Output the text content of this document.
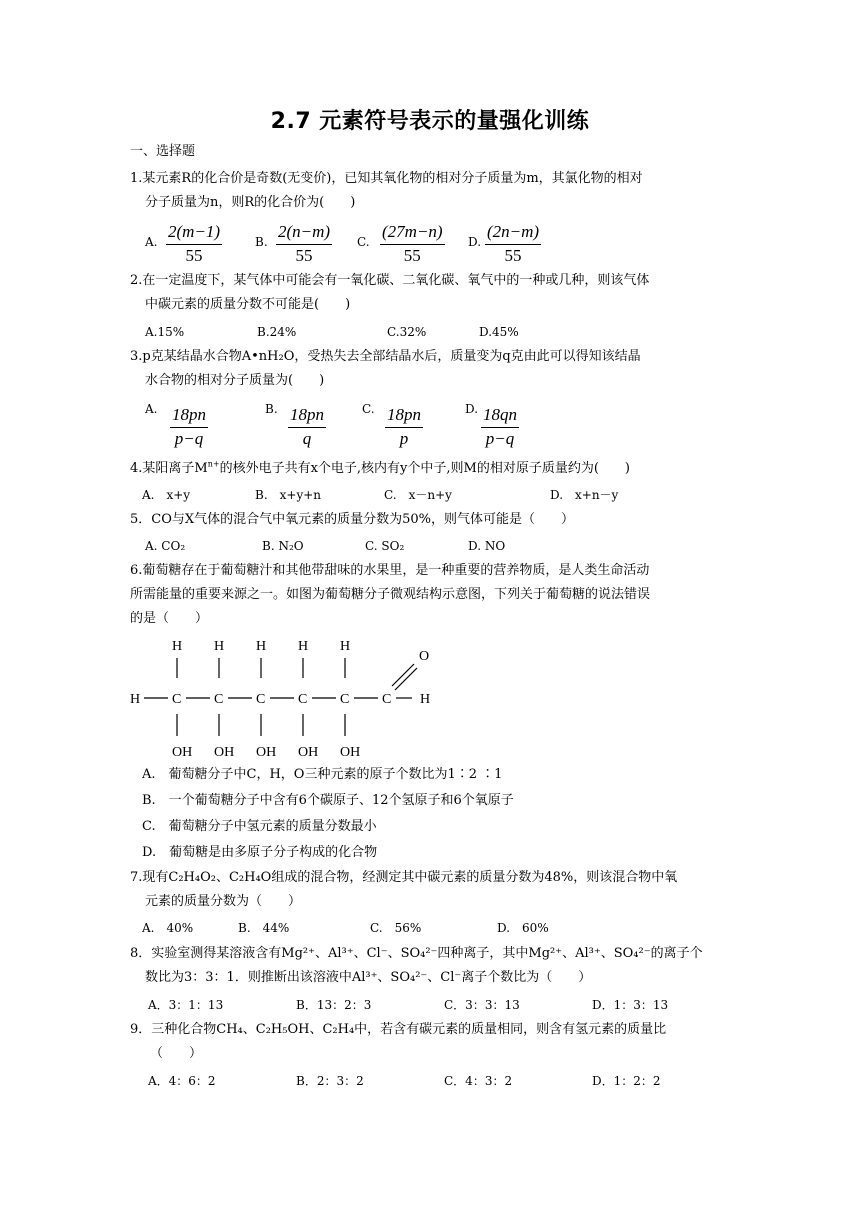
2.7 元素符号表示的量强化训练
一、选择题
1.某元素R的化合价是奇数(无变价)，已知其氧化物的相对分子质量为m，其氯化物的相对
分子质量为n，则R的化合价为(　　)
A. $\frac{2(m-1)}{55}$	B. $\frac{2(n-m)}{55} C$. $\frac{(27m-n)}{55} D$. $\frac{(2n-m)}{55}$
2.在一定温度下，某气体中可能会有一氧化碳、二氧化碳、氧气中的一种或几种，则该气体
中碳元素的质量分数不可能是(　　)
A.15%	B.24%	C.32%	D.45%
3.p克某结晶水合物A•nH₂O，受热失去全部结晶水后，质量变为q克由此可以得知该结晶
水合物的相对分子质量为(　　)
A. $\frac{18pn}{p-q}$	B. $\frac{18pn}{q}$	C. $\frac{18pn}{p}$	D. $\frac{18qn}{p-q}$
4.某阳离子$M^{n+}$的核外电子共有x个电子,核内有y个中子,则M的相对原子质量约为(　　)
A.　x+y	B.　x+y+n	C.　x－n+y	D.　x+n－y
5．CO与X气体的混合气中氧元素的质量分数为50%，则气体可能是（　　）
A. CO₂	B. N₂O	C. SO₂	D. NO
6.葡萄糖存在于葡萄糖汁和其他带甜味的水果里，是一种重要的营养物质，是人类生命活动
所需能量的重要来源之一。如图为葡萄糖分子微观结构示意图，下列关于葡萄糖的说法错误
的是（　　）
H H H H H
H C C C C C C H
O
OH OH OH OH OH
A.　葡萄糖分子中C，H，O三种元素的原子个数比为1∶2 ∶1
B.　一个葡萄糖分子中含有6个碳原子、12个氢原子和6个氧原子
C.　葡萄糖分子中氢元素的质量分数最小
D.　葡萄糖是由多原子分子构成的化合物
7.现有C₂H₄O₂、C₂H₄O组成的混合物，经测定其中碳元素的质量分数为48%，则该混合物中氧
元素的质量分数为（　　）
A.　40%	B.　44%	C.　56%	D.　60%
8．实验室测得某溶液含有Mg²⁺、Al³⁺、Cl⁻、SO₄²⁻四种离子，其中Mg²⁺、Al³⁺、SO₄²⁻的离子个
数比为3：3：1．则推断出该溶液中Al³⁺、SO₄²⁻、Cl⁻离子个数比为（　　）
A．3：1：13	B．13：2：3	C．3：3：13	D．1：3：13
9．三种化合物CH₄、C₂H₅OH、C₂H₄中，若含有碳元素的质量相同，则含有氢元素的质量比
（　　）
A．4：6：2	B．2：3：2	C．4：3：2	D．1：2：2
